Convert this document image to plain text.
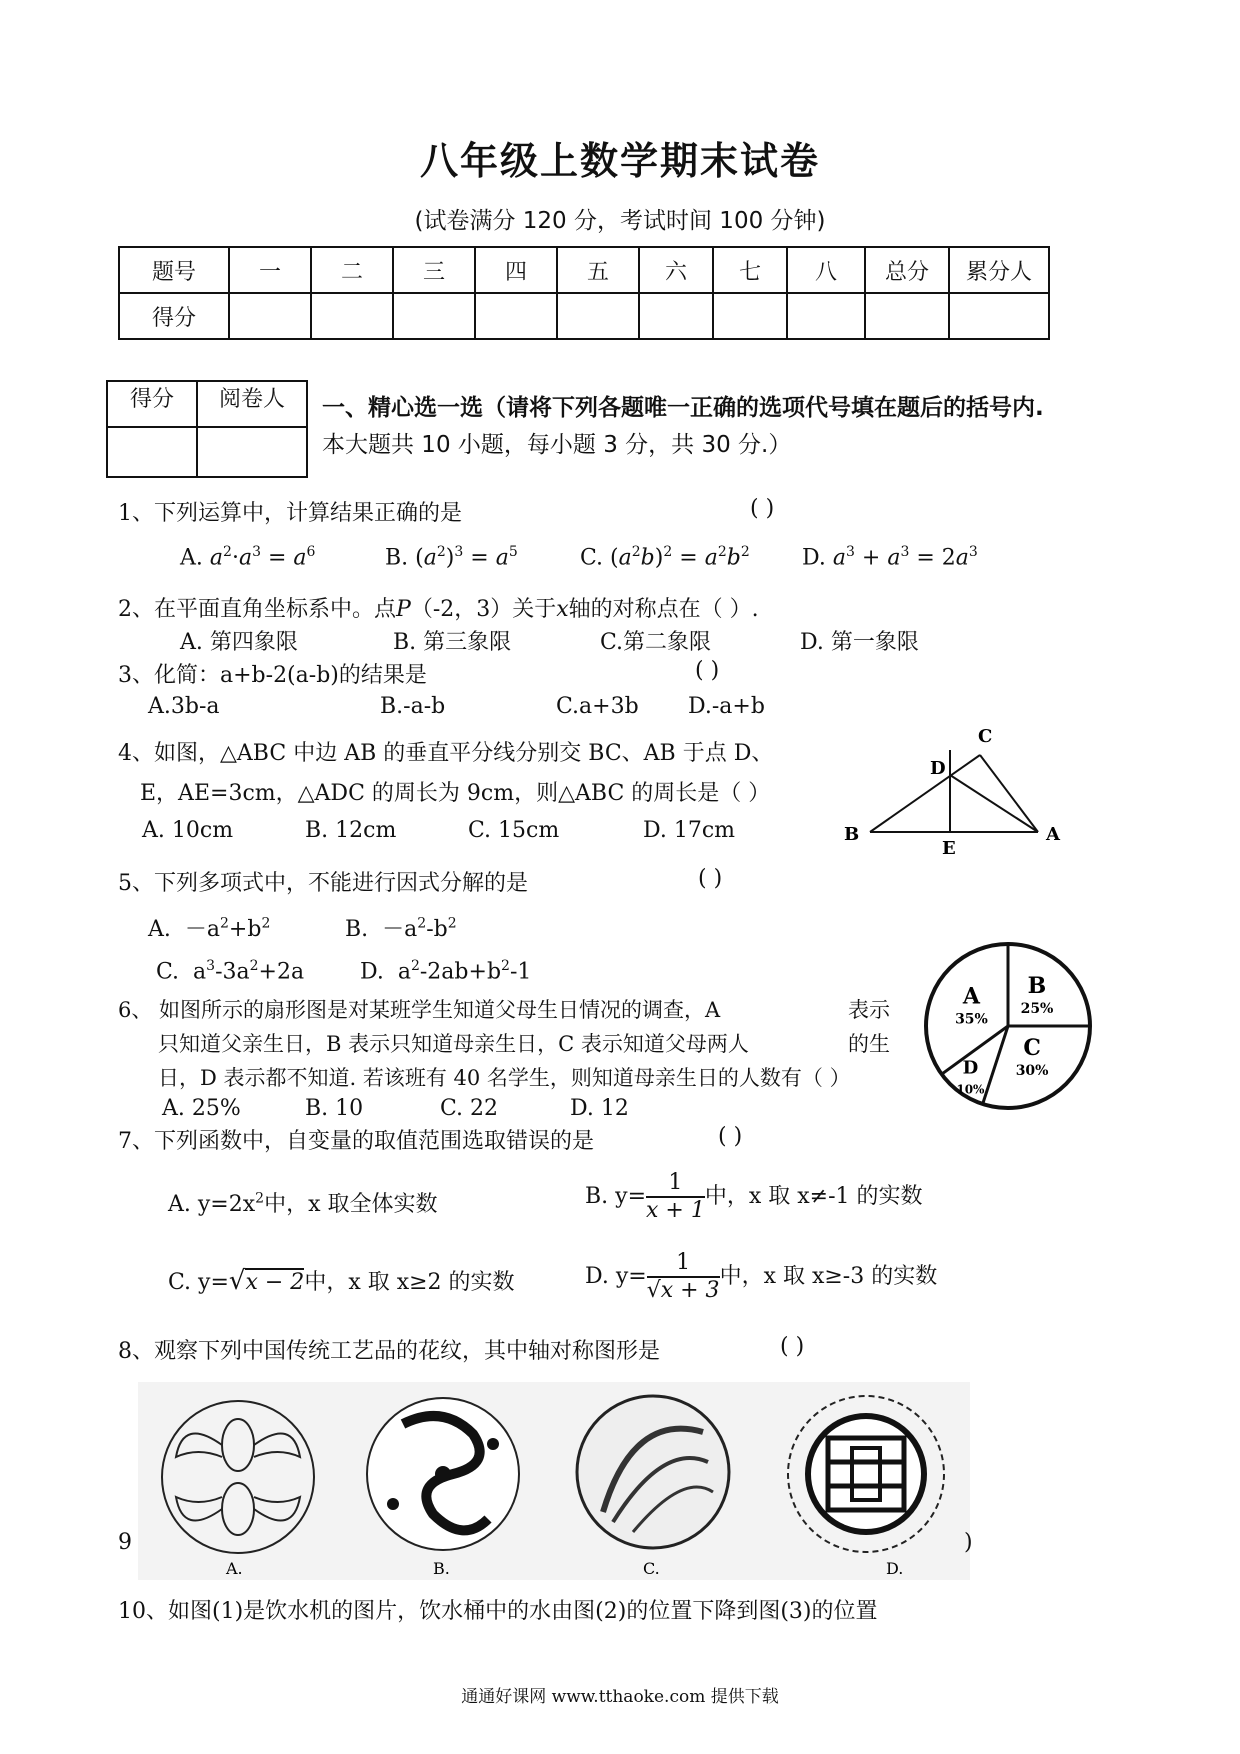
八年级上数学期末试卷
(试卷满分 120 分，考试时间 100 分钟)
题号	一	二	三	四	五	六	七	八	总分	累分人
得分										
得分	阅卷人
	一、精心选一选（请将下列各题唯一正确的选项代号填在题后的括号内.
本大题共 10 小题，每小题 3 分，共 30 分.）
1、下列运算中，计算结果正确的是	( )
A. $a^2\cdot a^3 = a^6$	B. $(a^2)^3 = a^5$	C. $(a^2b)^2 = a^2b^2$ D. $a^3 + a^3 = 2a^3$
2、在平面直角坐标系中。点P（-2，3）关于x轴的对称点在（ ）.
A. 第四象限	B. 第三象限	C.第二象限	D. 第一象限
3、化简：a+b-2(a-b)的结果是	( )
A.3b-a	B.-a-b	C.a+3b D.-a+b
4、如图，△ABC 中边 AB 的垂直平分线分别交 BC、AB 于点 D、
E，AE=3cm，△ADC 的周长为 9cm，则△ABC 的周长是（ ）
A. 10cm	B. 12cm	C. 15cm	D. 17cm
C
D
B
E
A
5、下列多项式中，不能进行因式分解的是	( )
A.  $-a^2+b^2$	B.  $-a^2-b^2$
C.  $a^3-3a^2+2a$	D.  $a^2-2ab+b^2-1$
6、 如图所示的扇形图是对某班学生知道父母生日情况的调查，A	表示
只知道父亲生日，B 表示只知道母亲生日，C 表示知道父母两人	的生
日，D 表示都不知道. 若该班有 40 名学生，则知道母亲生日的人数有（ ）
A. 25%	B. 10	C. 22	D. 12
B
25%
C
30%
D
10%
A
35%
7、下列函数中，自变量的取值范围选取错误的是	( )
A. $y=2x^2$中，x 取全体实数	B. $y= \frac{1}{x + 1}$ 中，x 取 x≠-1 的实数
C. y=√x − 2中，x 取 x≥2 的实数	D. $y= \frac{1}{√x + 3}$ 中，x 取 x≥-3 的实数
8、观察下列中国传统工艺品的花纹，其中轴对称图形是	( )
A.	B.	C.	D.
9	)
10、如图(1)是饮水机的图片，饮水桶中的水由图(2)的位置下降到图(3)的位置
通通好课网 www.tthaoke.com 提供下载
